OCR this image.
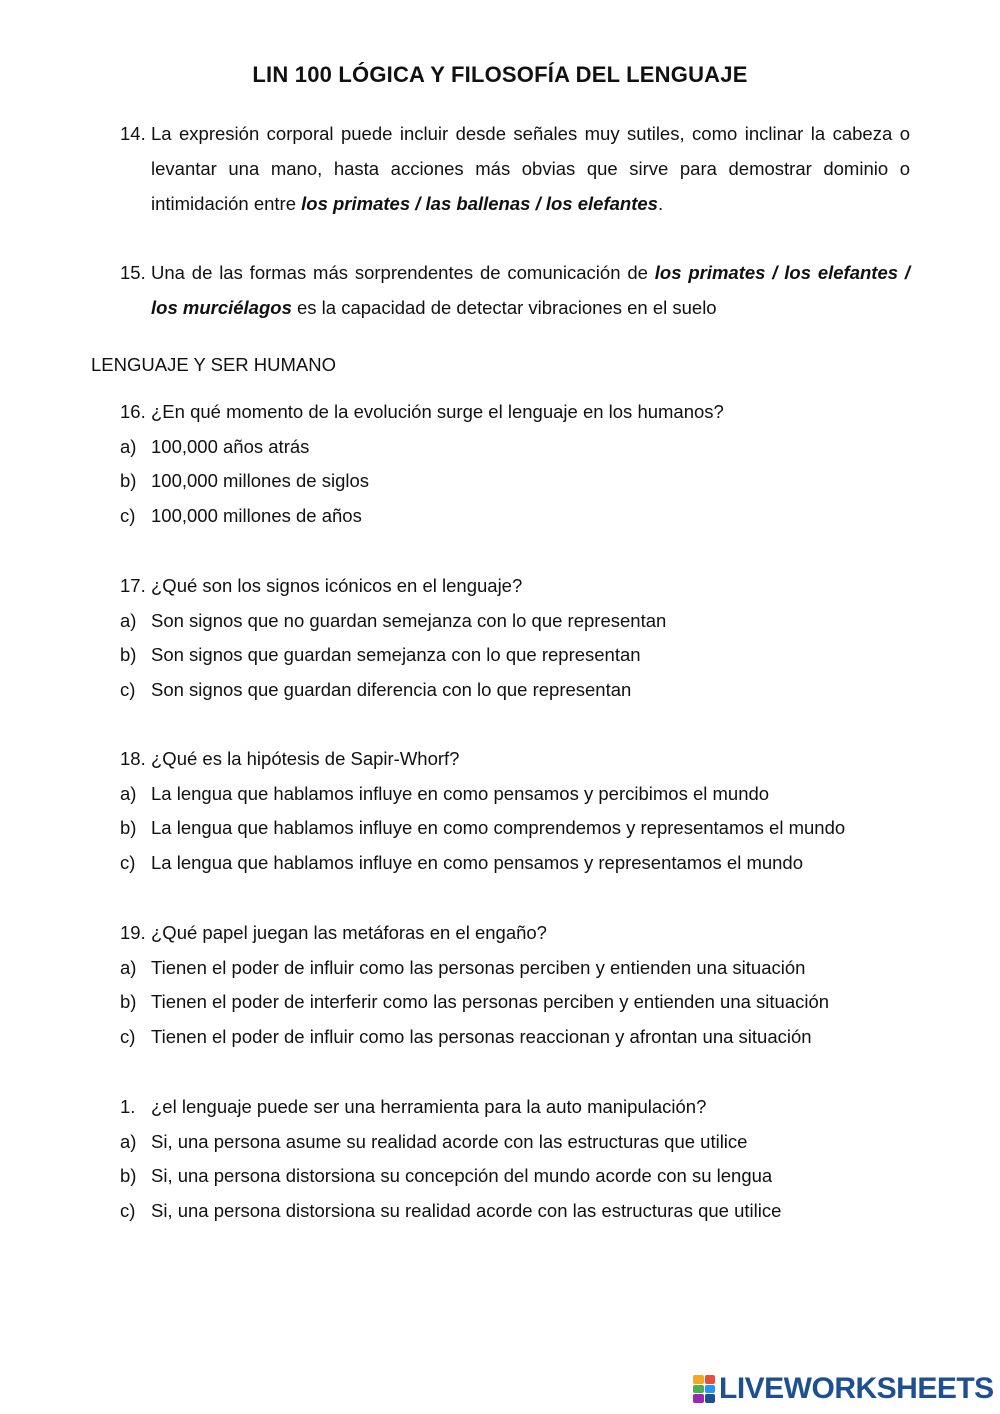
LIN 100 LÓGICA Y FILOSOFÍA DEL LENGUAJE
14. La expresión corporal puede incluir desde señales muy sutiles, como inclinar la cabeza o levantar una mano, hasta acciones más obvias que sirve para demostrar dominio o intimidación entre los primates / las ballenas / los elefantes.
15. Una de las formas más sorprendentes de comunicación de los primates / los elefantes / los murciélagos es la capacidad de detectar vibraciones en el suelo
LENGUAJE Y SER HUMANO
16. ¿En qué momento de la evolución surge el lenguaje en los humanos?
a) 100,000 años atrás
b) 100,000 millones de siglos
c) 100,000 millones de años
17. ¿Qué son los signos icónicos en el lenguaje?
a) Son signos que no guardan semejanza con lo que representan
b) Son signos que guardan semejanza con lo que representan
c) Son signos que guardan diferencia con lo que representan
18. ¿Qué es la hipótesis de Sapir-Whorf?
a) La lengua que hablamos influye en como pensamos y percibimos el mundo
b) La lengua que hablamos influye en como comprendemos y representamos el mundo
c) La lengua que hablamos influye en como pensamos y representamos el mundo
19. ¿Qué papel juegan las metáforas en el engaño?
a) Tienen el poder de influir como las personas perciben y entienden una situación
b) Tienen el poder de interferir como las personas perciben y entienden una situación
c) Tienen el poder de influir como las personas reaccionan y afrontan una situación
1. ¿el lenguaje puede ser una herramienta para la auto manipulación?
a) Si, una persona asume su realidad acorde con las estructuras que utilice
b) Si, una persona distorsiona su concepción del mundo acorde con su lengua
c) Si, una persona distorsiona su realidad acorde con las estructuras que utilice
LIVEWORKSHEETS
